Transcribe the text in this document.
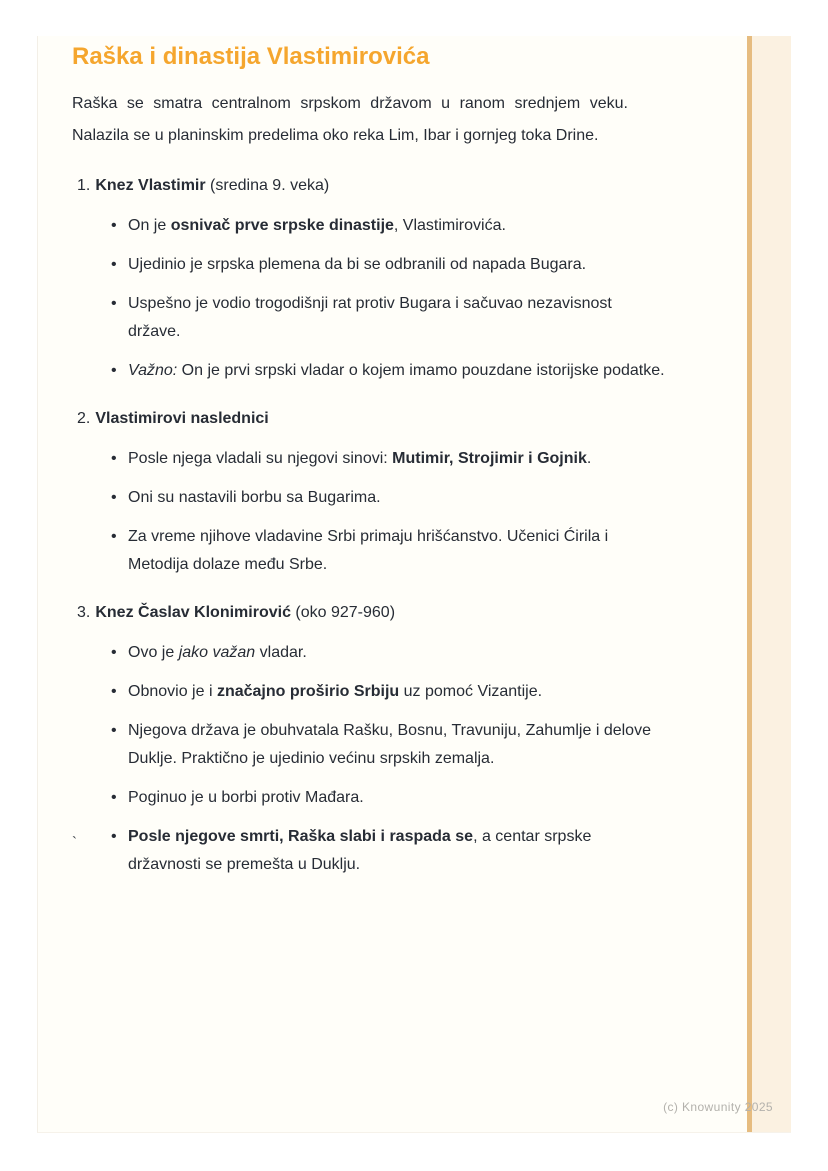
Raška i dinastija Vlastimirovića
Raška se smatra centralnom srpskom državom u ranom srednjem veku.
Nalazila se u planinskim predelima oko reka Lim, Ibar i gornjeg toka Drine.
1. Knez Vlastimir (sredina 9. veka)
• On je osnivač prve srpske dinastije, Vlastimirovića.
• Ujedinio je srpska plemena da bi se odbranili od napada Bugara.
• Uspešno je vodio trogodišnji rat protiv Bugara i sačuvao nezavisnost države.
• Važno: On je prvi srpski vladar o kojem imamo pouzdane istorijske podatke.
2. Vlastimirovi naslednici
• Posle njega vladali su njegovi sinovi: Mutimir, Strojimir i Gojnik.
• Oni su nastavili borbu sa Bugarima.
• Za vreme njihove vladavine Srbi primaju hrišćanstvo. Učenici Ćirila i Metodija dolaze među Srbe.
3. Knez Časlav Klonimirović (oko 927-960)
• Ovo je jako važan vladar.
• Obnovio je i značajno proširio Srbiju uz pomoć Vizantije.
• Njegova država je obuhvatala Rašku, Bosnu, Travuniju, Zahumlje i delove Duklje. Praktično je ujedinio većinu srpskih zemalja.
• Poginuo je u borbi protiv Mađara.
• Posle njegove smrti, Raška slabi i raspada se, a centar srpske državnosti se premešta u Duklju.
`
(c) Knowunity 2025
